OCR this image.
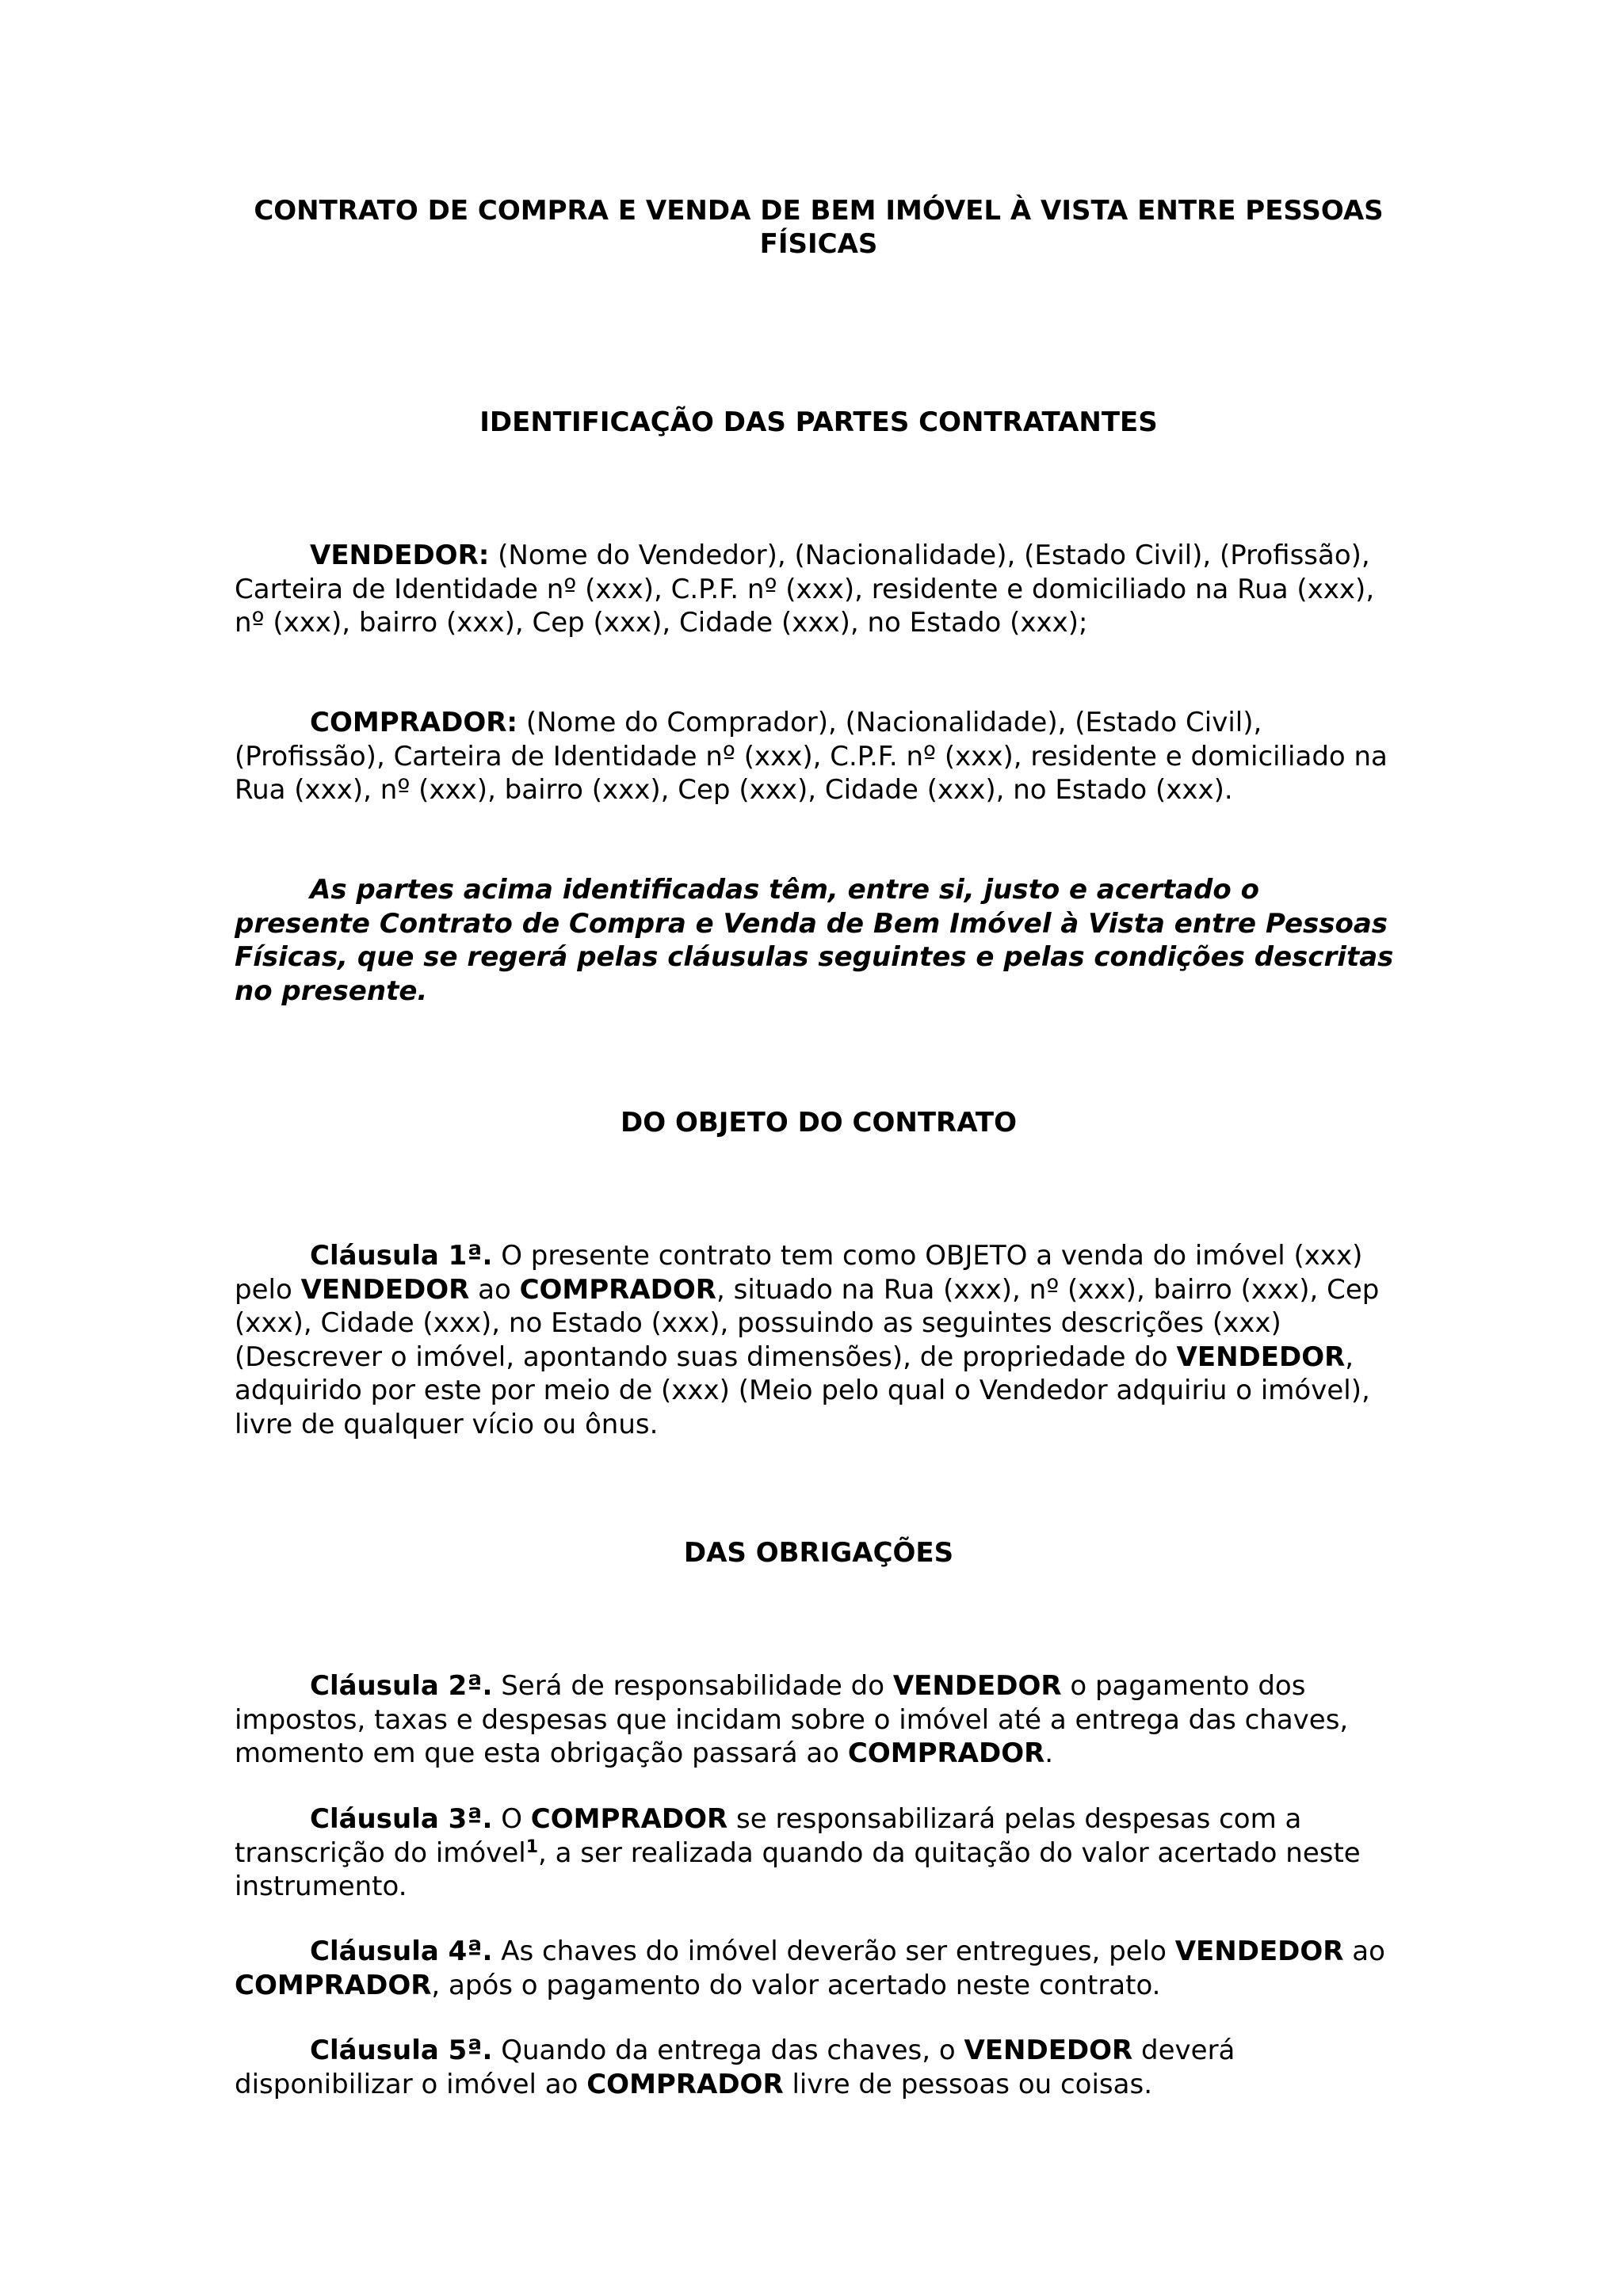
CONTRATO DE COMPRA E VENDA DE BEM IMÓVEL À VISTA ENTRE PESSOAS FÍSICAS
IDENTIFICAÇÃO DAS PARTES CONTRATANTES

VENDEDOR: (Nome do Vendedor), (Nacionalidade), (Estado Civil), (Profissão), Carteira de Identidade nº (xxx), C.P.F. nº (xxx), residente e domiciliado na Rua (xxx), nº (xxx), bairro (xxx), Cep (xxx), Cidade (xxx), no Estado (xxx);

COMPRADOR: (Nome do Comprador), (Nacionalidade), (Estado Civil), (Profissão), Carteira de Identidade nº (xxx), C.P.F. nº (xxx), residente e domiciliado na Rua (xxx), nº (xxx), bairro (xxx), Cep (xxx), Cidade (xxx), no Estado (xxx).

As partes acima identificadas têm, entre si, justo e acertado o presente Contrato de Compra e Venda de Bem Imóvel à Vista entre Pessoas Físicas, que se regerá pelas cláusulas seguintes e pelas condições descritas no presente.

DO OBJETO DO CONTRATO

Cláusula 1ª. O presente contrato tem como OBJETO a venda do imóvel (xxx) pelo VENDEDOR ao COMPRADOR, situado na Rua (xxx), nº (xxx), bairro (xxx), Cep (xxx), Cidade (xxx), no Estado (xxx), possuindo as seguintes descrições (xxx) (Descrever o imóvel, apontando suas dimensões), de propriedade do VENDEDOR, adquirido por este por meio de (xxx) (Meio pelo qual o Vendedor adquiriu o imóvel), livre de qualquer vício ou ônus.

DAS OBRIGAÇÕES

Cláusula 2ª. Será de responsabilidade do VENDEDOR o pagamento dos impostos, taxas e despesas que incidam sobre o imóvel até a entrega das chaves, momento em que esta obrigação passará ao COMPRADOR.

Cláusula 3ª. O COMPRADOR se responsabilizará pelas despesas com a transcrição do imóvel$^1$, a ser realizada quando da quitação do valor acertado neste instrumento.

Cláusula 4ª. As chaves do imóvel deverão ser entregues, pelo VENDEDOR ao COMPRADOR, após o pagamento do valor acertado neste contrato.

Cláusula 5ª. Quando da entrega das chaves, o VENDEDOR deverá disponibilizar o imóvel ao COMPRADOR livre de pessoas ou coisas.
